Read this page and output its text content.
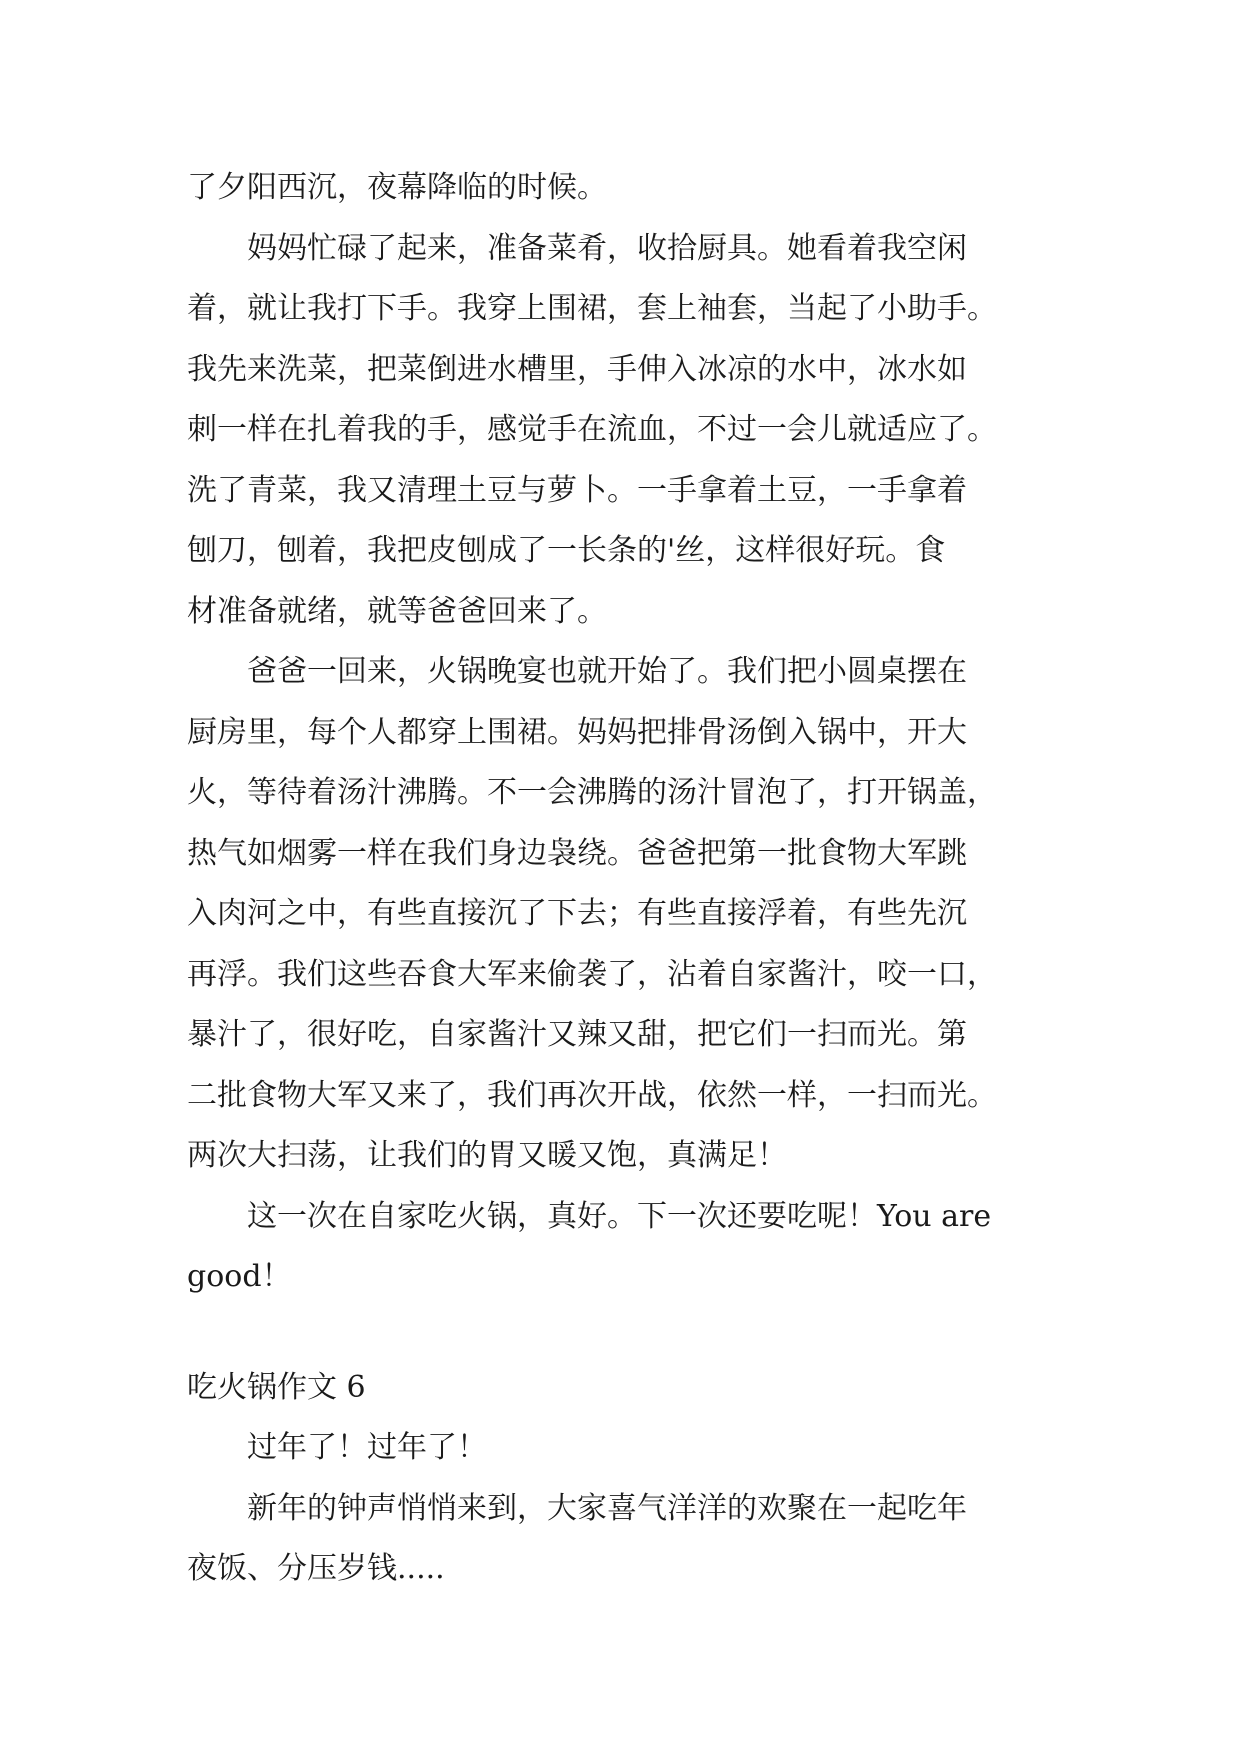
了夕阳西沉，夜幕降临的时候。
　　妈妈忙碌了起来，准备菜肴，收拾厨具。她看着我空闲
着，就让我打下手。我穿上围裙，套上袖套，当起了小助手。
我先来洗菜，把菜倒进水槽里，手伸入冰凉的水中，冰水如
刺一样在扎着我的手，感觉手在流血，不过一会儿就适应了。
洗了青菜，我又清理土豆与萝卜。一手拿着土豆，一手拿着
刨刀，刨着，我把皮刨成了一长条的'丝，这样很好玩。食
材准备就绪，就等爸爸回来了。
　　爸爸一回来，火锅晚宴也就开始了。我们把小圆桌摆在
厨房里，每个人都穿上围裙。妈妈把排骨汤倒入锅中，开大
火，等待着汤汁沸腾。不一会沸腾的汤汁冒泡了，打开锅盖，
热气如烟雾一样在我们身边袅绕。爸爸把第一批食物大军跳
入肉河之中，有些直接沉了下去；有些直接浮着，有些先沉
再浮。我们这些吞食大军来偷袭了，沾着自家酱汁，咬一口，
暴汁了，很好吃，自家酱汁又辣又甜，把它们一扫而光。第
二批食物大军又来了，我们再次开战，依然一样，一扫而光。
两次大扫荡，让我们的胃又暖又饱，真满足！
　　这一次在自家吃火锅，真好。下一次还要吃呢！You are
good！
吃火锅作文 6
　　过年了！过年了！
　　新年的钟声悄悄来到，大家喜气洋洋的欢聚在一起吃年
夜饭、分压岁钱.....
